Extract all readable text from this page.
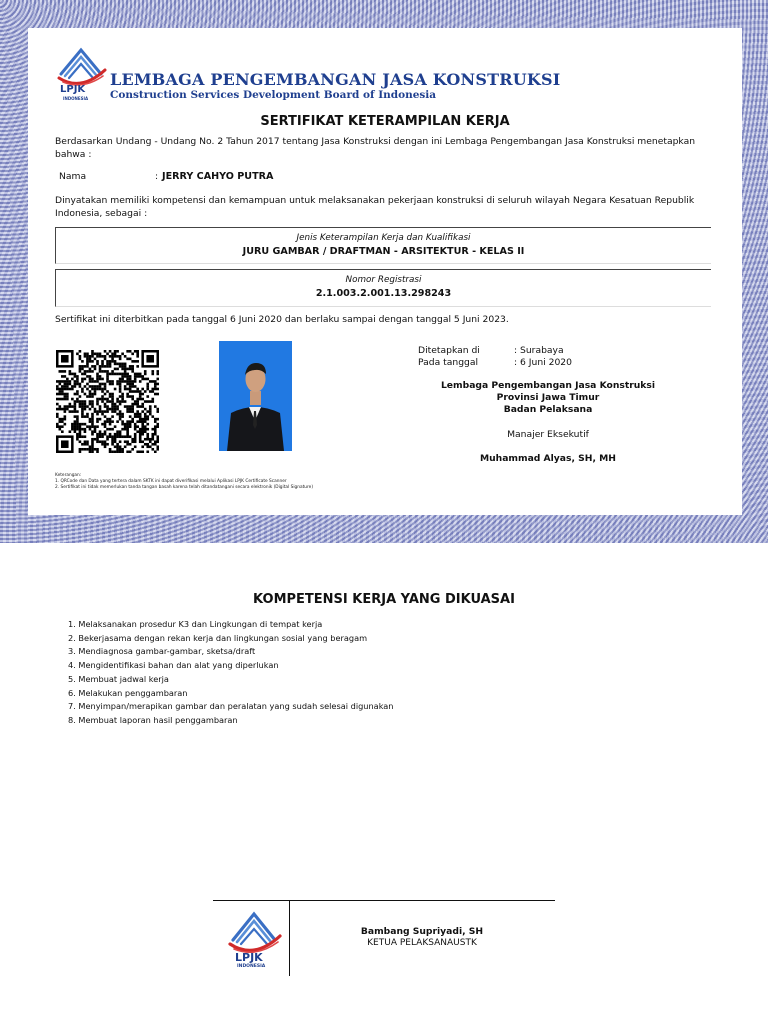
LPJK
INDONESIA
LEMBAGA PENGEMBANGAN JASA KONSTRUKSI
Construction Services Development Board of Indonesia
SERTIFIKAT KETERAMPILAN KERJA
Berdasarkan Undang - Undang No. 2 Tahun 2017 tentang Jasa Konstruksi dengan ini Lembaga Pengembangan Jasa Konstruksi menetapkan bahwa :
Nama	: JERRY CAHYO PUTRA
Dinyatakan memiliki kompetensi dan kemampuan untuk melaksanakan pekerjaan konstruksi di seluruh wilayah Negara Kesatuan Republik Indonesia, sebagai :
Jenis Keterampilan Kerja dan Kualifikasi
JURU GAMBAR / DRAFTMAN - ARSITEKTUR - KELAS II
Nomor Registrasi
2.1.003.2.001.13.298243
Sertifikat ini diterbitkan pada tanggal 6 Juni 2020 dan berlaku sampai dengan tanggal 5 Juni 2023.
Ditetapkan di	: Surabaya
Pada tanggal	: 6 Juni 2020
Lembaga Pengembangan Jasa Konstruksi
Provinsi Jawa Timur
Badan Pelaksana
Manajer Eksekutif
Muhammad Alyas, SH, MH
Keterangan:
1. QRCode dan Data yang tertera dalam SKTK ini dapat diverifikasi melalui Aplikasi LPJK Certificate Scanner
2. Sertifikat ini tidak memerlukan tanda tangan basah karena telah ditandatangani secara elektronik (Digital Signature)
KOMPETENSI KERJA YANG DIKUASAI
1. Melaksanakan prosedur K3 dan Lingkungan di tempat kerja
2. Bekerjasama dengan rekan kerja dan lingkungan sosial yang beragam
3. Mendiagnosa gambar-gambar, sketsa/draft
4. Mengidentifikasi bahan dan alat yang diperlukan
5. Membuat jadwal kerja
6. Melakukan penggambaran
7. Menyimpan/merapikan gambar dan peralatan yang sudah selesai digunakan
8. Membuat laporan hasil penggambaran
LPJK
INDONESIA
Bambang Supriyadi, SH
KETUA PELAKSANAUSTK
